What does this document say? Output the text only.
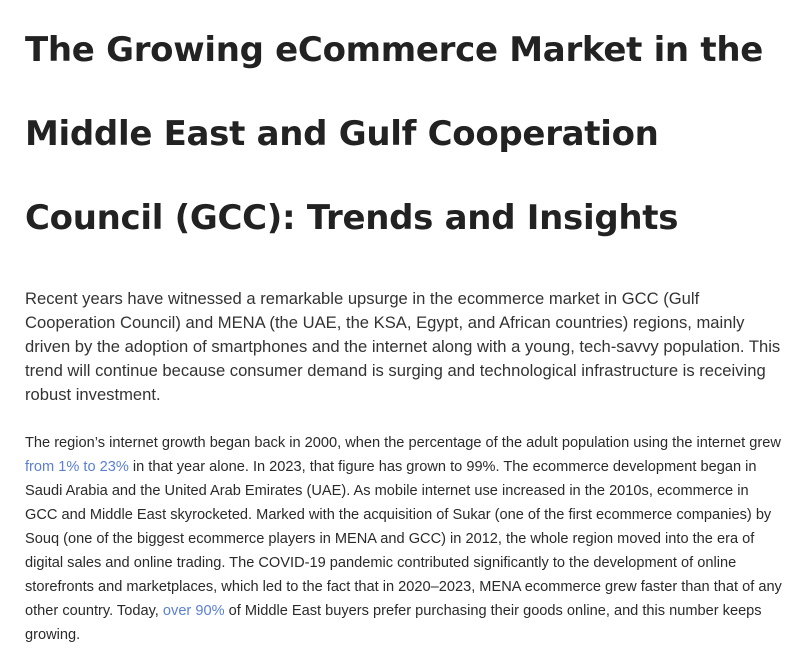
The Growing eCommerce Market in the Middle East and Gulf Cooperation Council (GCC): Trends and Insights

Recent years have witnessed a remarkable upsurge in the ecommerce market in GCC (Gulf Cooperation Council) and MENA (the UAE, the KSA, Egypt, and African countries) regions, mainly driven by the adoption of smartphones and the internet along with a young, tech-savvy population. This trend will continue because consumer demand is surging and technological infrastructure is receiving robust investment.

The region’s internet growth began back in 2000, when the percentage of the adult population using the internet grew from 1% to 23% in that year alone. In 2023, that figure has grown to 99%. The ecommerce development began in Saudi Arabia and the United Arab Emirates (UAE). As mobile internet use increased in the 2010s, ecommerce in GCC and Middle East skyrocketed. Marked with the acquisition of Sukar (one of the first ecommerce companies) by Souq (one of the biggest ecommerce players in MENA and GCC) in 2012, the whole region moved into the era of digital sales and online trading. The COVID-19 pandemic contributed significantly to the development of online storefronts and marketplaces, which led to the fact that in 2020–2023, MENA ecommerce grew faster than that of any other country. Today, over 90% of Middle East buyers prefer purchasing their goods online, and this number keeps growing.
